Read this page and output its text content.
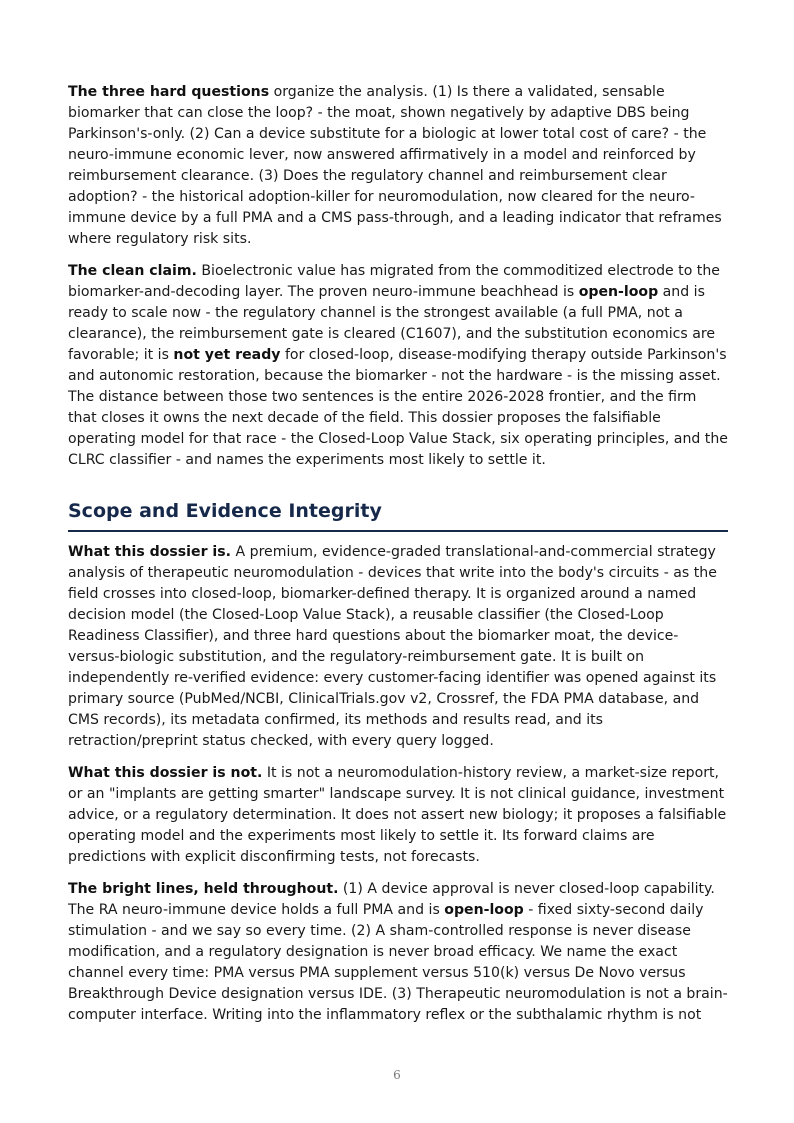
The three hard questions organize the analysis. (1) Is there a validated, sensable biomarker that can close the loop? - the moat, shown negatively by adaptive DBS being Parkinson's-only. (2) Can a device substitute for a biologic at lower total cost of care? - the neuro-immune economic lever, now answered affirmatively in a model and reinforced by reimbursement clearance. (3) Does the regulatory channel and reimbursement clear adoption? - the historical adoption-killer for neuromodulation, now cleared for the neuro-immune device by a full PMA and a CMS pass-through, and a leading indicator that reframes where regulatory risk sits.

The clean claim. Bioelectronic value has migrated from the commoditized electrode to the biomarker-and-decoding layer. The proven neuro-immune beachhead is open-loop and is ready to scale now - the regulatory channel is the strongest available (a full PMA, not a clearance), the reimbursement gate is cleared (C1607), and the substitution economics are favorable; it is not yet ready for closed-loop, disease-modifying therapy outside Parkinson's and autonomic restoration, because the biomarker - not the hardware - is the missing asset. The distance between those two sentences is the entire 2026-2028 frontier, and the firm that closes it owns the next decade of the field. This dossier proposes the falsifiable operating model for that race - the Closed-Loop Value Stack, six operating principles, and the CLRC classifier - and names the experiments most likely to settle it.

Scope and Evidence Integrity

What this dossier is. A premium, evidence-graded translational-and-commercial strategy analysis of therapeutic neuromodulation - devices that write into the body's circuits - as the field crosses into closed-loop, biomarker-defined therapy. It is organized around a named decision model (the Closed-Loop Value Stack), a reusable classifier (the Closed-Loop Readiness Classifier), and three hard questions about the biomarker moat, the device-versus-biologic substitution, and the regulatory-reimbursement gate. It is built on independently re-verified evidence: every customer-facing identifier was opened against its primary source (PubMed/NCBI, ClinicalTrials.gov v2, Crossref, the FDA PMA database, and CMS records), its metadata confirmed, its methods and results read, and its retraction/preprint status checked, with every query logged.

What this dossier is not. It is not a neuromodulation-history review, a market-size report, or an "implants are getting smarter" landscape survey. It is not clinical guidance, investment advice, or a regulatory determination. It does not assert new biology; it proposes a falsifiable operating model and the experiments most likely to settle it. Its forward claims are predictions with explicit disconfirming tests, not forecasts.

The bright lines, held throughout. (1) A device approval is never closed-loop capability. The RA neuro-immune device holds a full PMA and is open-loop - fixed sixty-second daily stimulation - and we say so every time. (2) A sham-controlled response is never disease modification, and a regulatory designation is never broad efficacy. We name the exact channel every time: PMA versus PMA supplement versus 510(k) versus De Novo versus Breakthrough Device designation versus IDE. (3) Therapeutic neuromodulation is not a brain-computer interface. Writing into the inflammatory reflex or the subthalamic rhythm is not

6
